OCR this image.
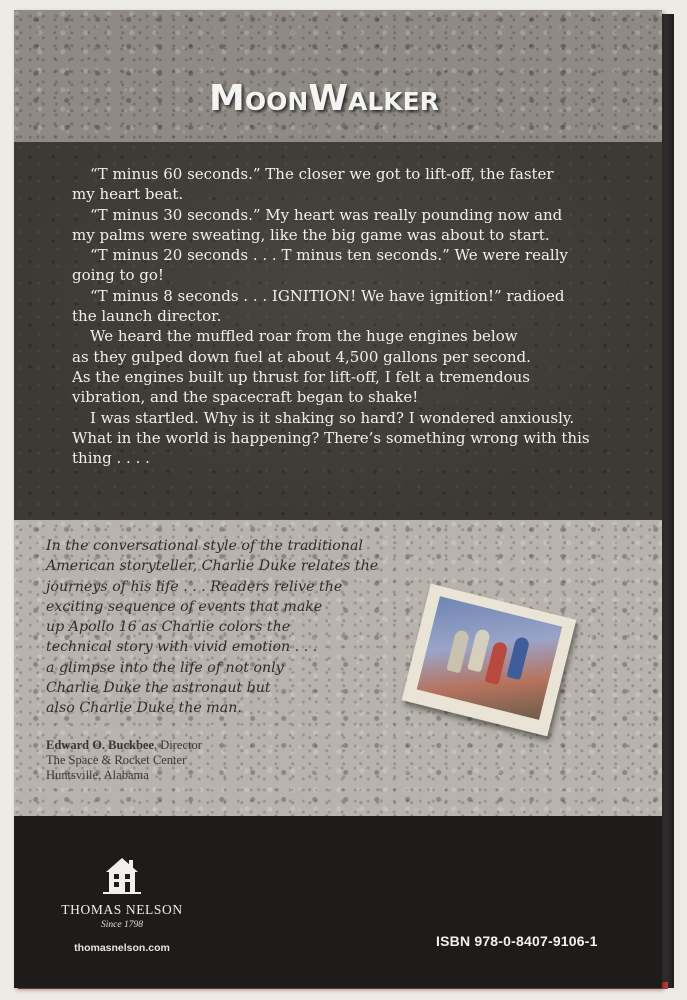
MoonWalker

“T minus 60 seconds.” The closer we got to lift-off, the faster

my heart beat.

“T minus 30 seconds.” My heart was really pounding now and

my palms were sweating, like the big game was about to start.

“T minus 20 seconds . . . T minus ten seconds.” We were really

going to go!

“T minus 8 seconds . . . IGNITION! We have ignition!” radioed

the launch director.

We heard the muffled roar from the huge engines below

as they gulped down fuel at about 4,500 gallons per second.

As the engines built up thrust for lift-off, I felt a tremendous

vibration, and the spacecraft began to shake!

I was startled. Why is it shaking so hard? I wondered anxiously.

What in the world is happening? There’s something wrong with this

thing . . . .

In the conversational style of the traditional
American storyteller, Charlie Duke relates the
journeys of his life . . . Readers relive the
exciting sequence of events that make
up Apollo 16 as Charlie colors the
technical story with vivid emotion . . .
a glimpse into the life of not only
Charlie Duke the astronaut but
also Charlie Duke the man.
Edward O. Buckbee, Director
The Space & Rocket Center
Huntsville, Alabama
THOMAS NELSON
Since 1798
thomasnelson.com	ISBN 978-0-8407-9106-1
